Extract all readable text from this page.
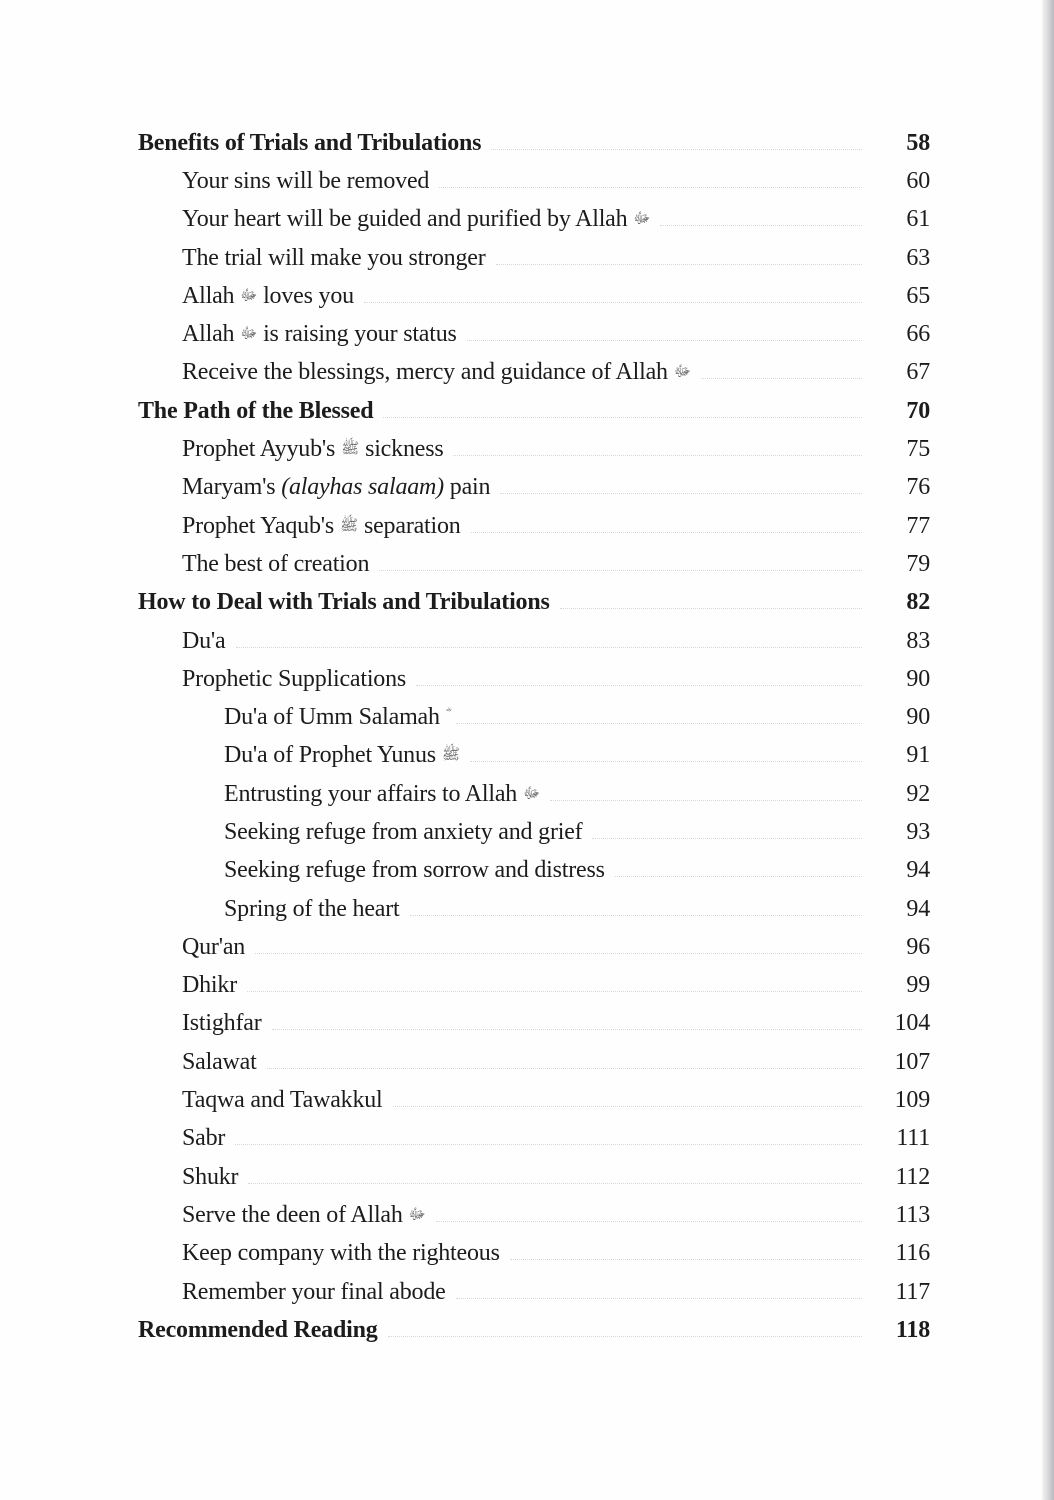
Benefits of Trials and Tribulations	58
Your sins will be removed	60
Your heart will be guided and purified by Allah ﷻ	61
The trial will make you stronger	63
Allah ﷻ loves you	65
Allah ﷻ is raising your status	66
Receive the blessings, mercy and guidance of Allah ﷻ	67
The Path of the Blessed	70
Prophet Ayyub's ﷺ sickness	75
Maryam's (alayhas salaam) pain	76
Prophet Yaqub's ﷺ separation	77
The best of creation	79
How to Deal with Trials and Tribulations	82
Du'a	83
Prophetic Supplications	90
Du'a of Umm Salamah	90
Du'a of Prophet Yunus ﷺ	91
Entrusting your affairs to Allah ﷻ	92
Seeking refuge from anxiety and grief	93
Seeking refuge from sorrow and distress	94
Spring of the heart	94
Qur'an	96
Dhikr	99
Istighfar	104
Salawat	107
Taqwa and Tawakkul	109
Sabr	111
Shukr	112
Serve the deen of Allah ﷻ	113
Keep company with the righteous	116
Remember your final abode	117
Recommended Reading	118
